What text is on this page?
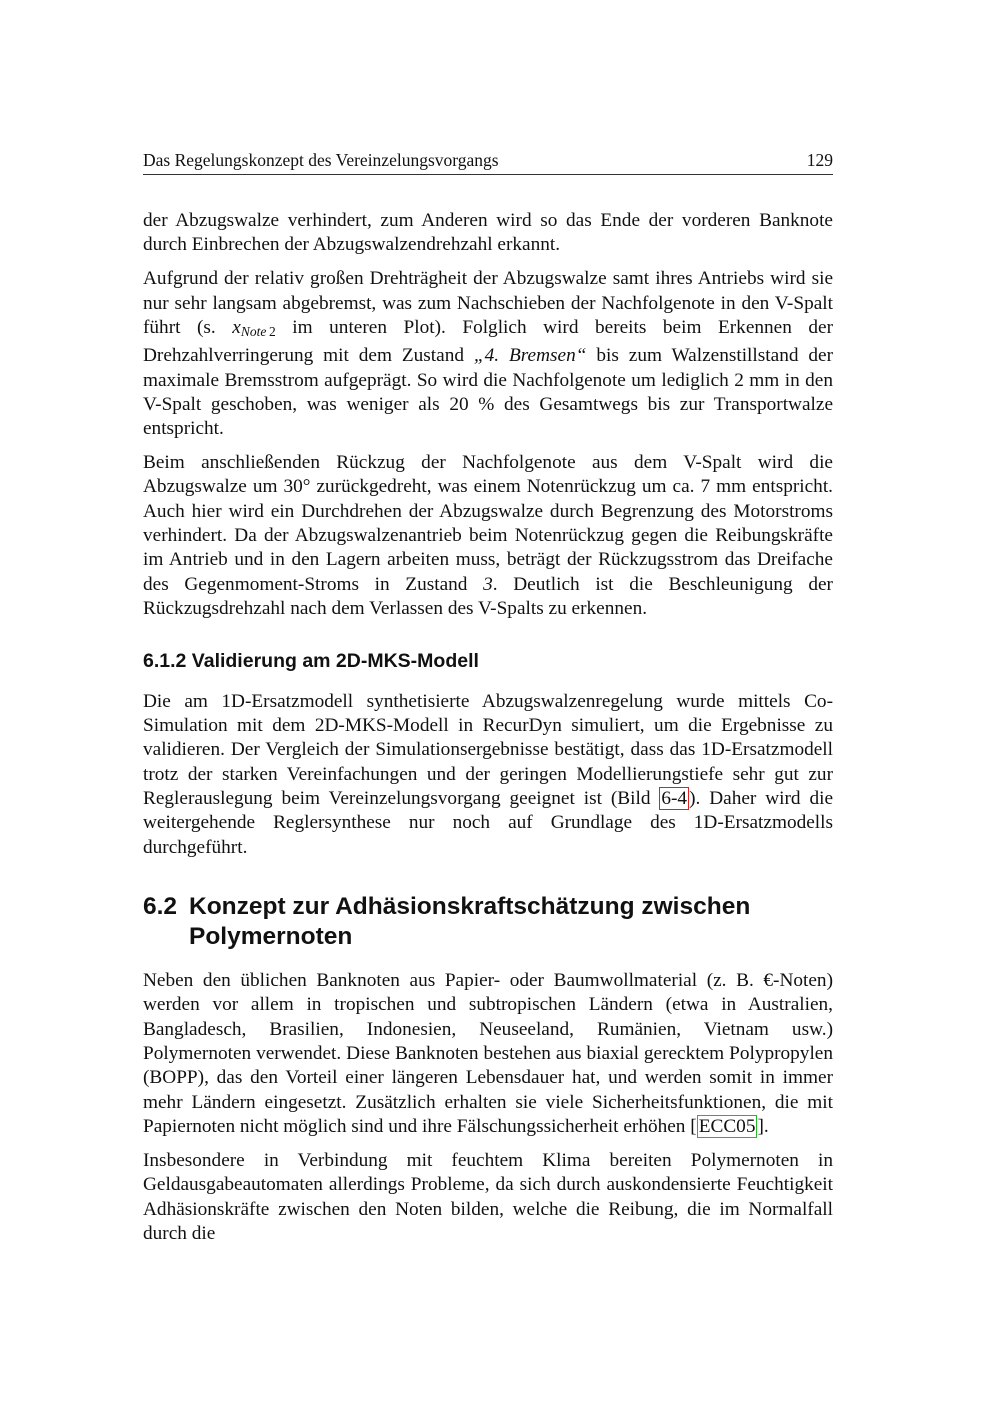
Das Regelungskonzept des Vereinzelungsvorgangs	129

der Abzugswalze verhindert, zum Anderen wird so das Ende der vorderen Banknote durch Einbrechen der Abzugswalzendrehzahl erkannt.

Aufgrund der relativ großen Drehträgheit der Abzugswalze samt ihres Antriebs wird sie nur sehr langsam abgebremst, was zum Nachschieben der Nachfolgenote in den V-Spalt führt (s. $x_{Note 2}$ im unteren Plot). Folglich wird bereits beim Erkennen der Drehzahlverringerung mit dem Zustand „4. Bremsen“ bis zum Walzenstillstand der maximale Bremsstrom aufgeprägt. So wird die Nachfolgenote um lediglich 2 mm in den V-Spalt geschoben, was weniger als 20 % des Gesamtwegs bis zur Transportwalze entspricht.

Beim anschließenden Rückzug der Nachfolgenote aus dem V-Spalt wird die Abzugswalze um 30° zurückgedreht, was einem Notenrückzug um ca. 7 mm entspricht. Auch hier wird ein Durchdrehen der Abzugswalze durch Begrenzung des Motorstroms verhindert. Da der Abzugswalzenantrieb beim Notenrückzug gegen die Reibungskräfte im Antrieb und in den Lagern arbeiten muss, beträgt der Rückzugsstrom das Dreifache des Gegenmoment-Stroms in Zustand 3. Deutlich ist die Beschleunigung der Rückzugsdrehzahl nach dem Verlassen des V-Spalts zu erkennen.

6.1.2 Validierung am 2D-MKS-Modell

Die am 1D-Ersatzmodell synthetisierte Abzugswalzenregelung wurde mittels Co-Simulation mit dem 2D-MKS-Modell in RecurDyn simuliert, um die Ergebnisse zu validieren. Der Vergleich der Simulationsergebnisse bestätigt, dass das 1D-Ersatzmodell trotz der starken Vereinfachungen und der geringen Modellierungstiefe sehr gut zur Reglerauslegung beim Vereinzelungsvorgang geeignet ist (Bild 6-4 ). Daher wird die weitergehende Reglersynthese nur noch auf Grundlage des 1D-Ersatzmodells durchgeführt.

6.2 Konzept zur Adhäsionskraftschätzung zwischen Polymernoten

Neben den üblichen Banknoten aus Papier- oder Baumwollmaterial (z. B. €-Noten) werden vor allem in tropischen und subtropischen Ländern (etwa in Australien, Bangladesch, Brasilien, Indonesien, Neuseeland, Rumänien, Vietnam usw.) Polymernoten verwendet. Diese Banknoten bestehen aus biaxial gerecktem Polypropylen (BOPP), das den Vorteil einer längeren Lebensdauer hat, und werden somit in immer mehr Ländern eingesetzt. Zusätzlich erhalten sie viele Sicherheitsfunktionen, die mit Papiernoten nicht möglich sind und ihre Fälschungssicherheit erhöhen [ ECC05 ].

Insbesondere in Verbindung mit feuchtem Klima bereiten Polymernoten in Geldausgabeautomaten allerdings Probleme, da sich durch auskondensierte Feuchtigkeit Adhäsionskräfte zwischen den Noten bilden, welche die Reibung, die im Normalfall durch die
